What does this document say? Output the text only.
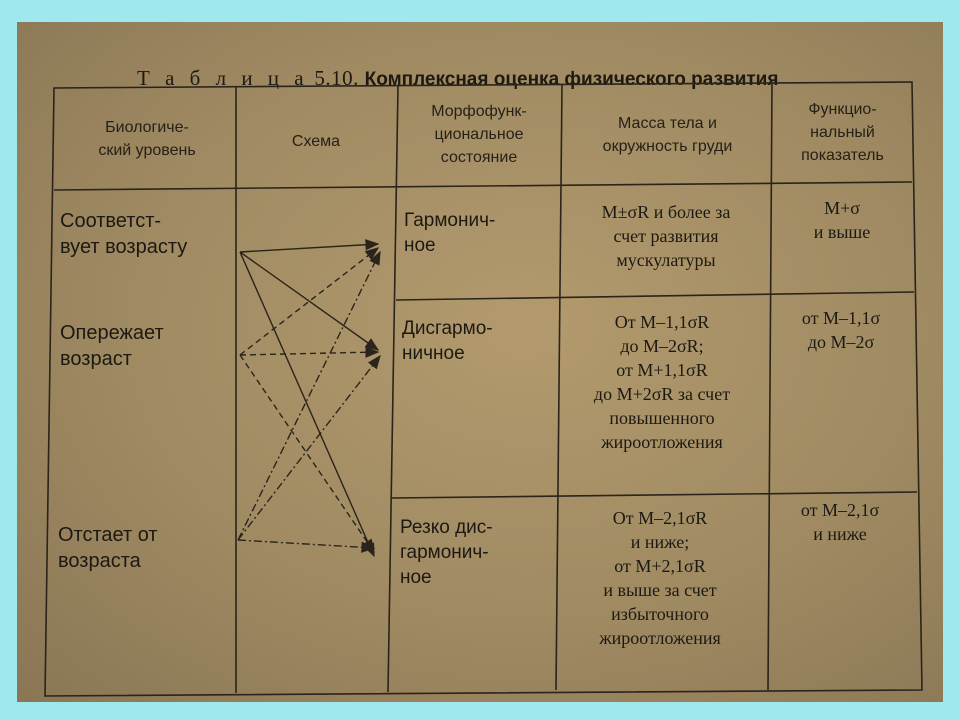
Т а б л и ц а 5.10. Комплексная оценка физического развития
Биологиче-
ский уровень
Схема
Морфофунк-
циональное
состояние
Масса тела и
окружность груди
Функцио-
нальный
показатель
Соответст-
вует возрасту
Опережает
возраст
Отстает от
возраста
Гармонич-
ное
M±σR и более за
счет развития
мускулатуры
M+σ
и выше
Дисгармо-
ничное
От M–1,1σR
до M–2σR;
от M+1,1σR
до M+2σR за счет
повышенного
жироотложения
от M–1,1σ
до M–2σ
Резко дис-
гармонич-
ное
От M–2,1σR
и ниже;
от M+2,1σR
и выше за счет
избыточного
жироотложения
от M–2,1σ
и ниже
